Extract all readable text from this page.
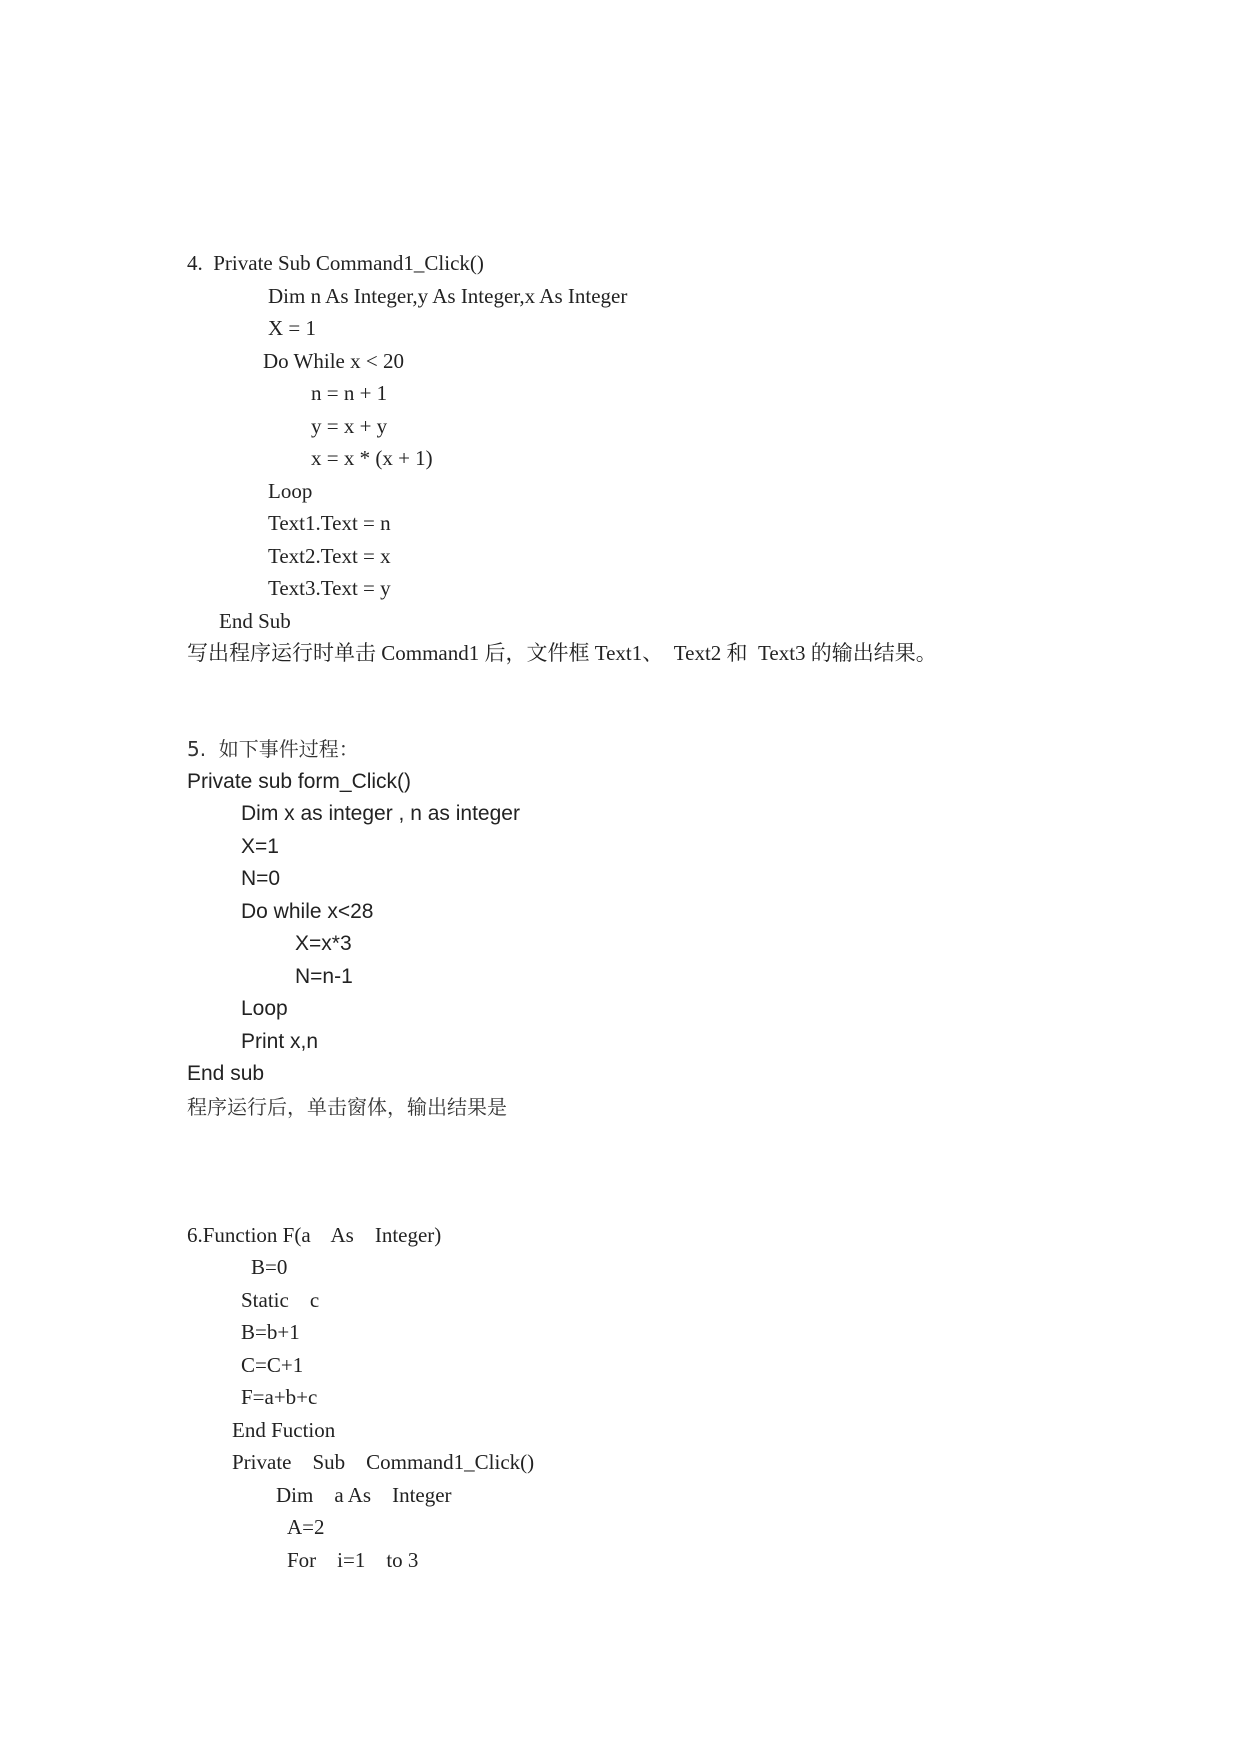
4.  Private Sub Command1_Click()
Dim n As Integer,y As Integer,x As Integer
X = 1
Do While x < 20
n = n + 1
y = x + y
x = x * (x + 1)
Loop
Text1.Text = n
Text2.Text = x
Text3.Text = y
End Sub
写出程序运行时单击 Command1 后，文件框 Text1、  Text2 和  Text3 的输出结果。
5.  如下事件过程：
Private sub form_Click()
Dim x as integer , n as integer
X=1
N=0
Do while x<28
X=x*3
N=n-1
Loop
Print x,n
End sub
程序运行后，单击窗体，输出结果是
6.Function F(a    As    Integer)
B=0
Static    c
B=b+1
C=C+1
F=a+b+c
End Fuction
Private    Sub    Command1_Click()
Dim    a As    Integer
A=2
For    i=1    to 3
